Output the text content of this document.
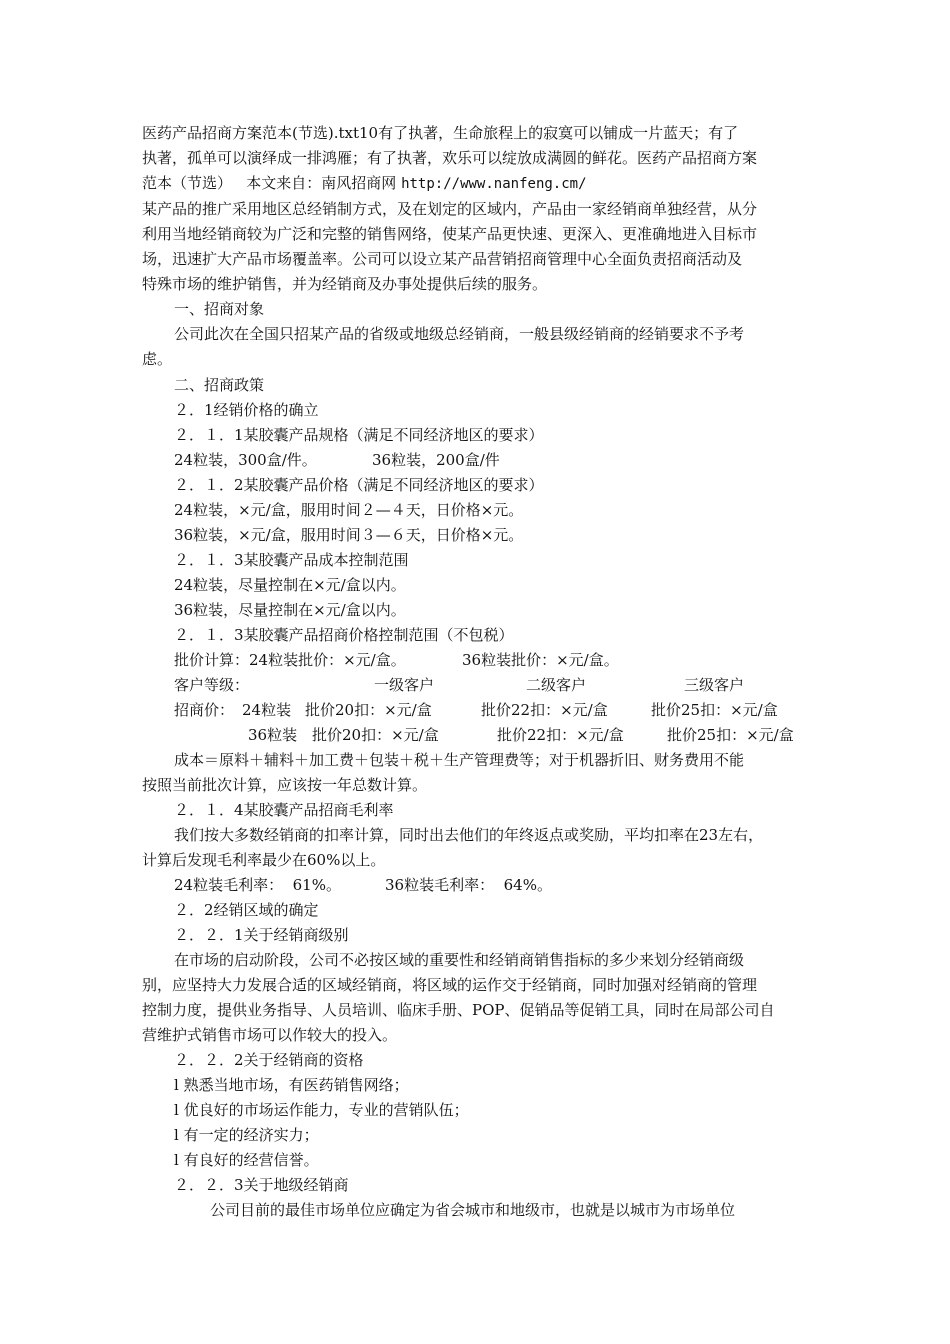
医药产品招商方案范本(节选).txt10有了执著，生命旅程上的寂寞可以铺成一片蓝天；有了
执著，孤单可以演绎成一排鸿雁；有了执著，欢乐可以绽放成满圆的鲜花。医药产品招商方案
范本（节选）   本文来自：南风招商网 http://www.nanfeng.cm/
某产品的推广采用地区总经销制方式，及在划定的区域内，产品由一家经销商单独经营，从分
利用当地经销商较为广泛和完整的销售网络，使某产品更快速、更深入、更准确地进入目标市
场，迅速扩大产品市场覆盖率。公司可以设立某产品营销招商管理中心全面负责招商活动及
特殊市场的维护销售，并为经销商及办事处提供后续的服务。
一、招商对象
公司此次在全国只招某产品的省级或地级总经销商，一般县级经销商的经销要求不予考
虑。
二、招商政策
２．1经销价格的确立
２．１．1某胶囊产品规格（满足不同经济地区的要求）
24粒装，300盒/件。	36粒装，200盒/件
２．１．2某胶囊产品价格（满足不同经济地区的要求）
24粒装，×元/盒，服用时间２—４天，日价格×元。
36粒装，×元/盒，服用时间３—６天，日价格×元。
２．１．3某胶囊产品成本控制范围
24粒装，尽量控制在×元/盒以内。
36粒装，尽量控制在×元/盒以内。
２．１．3某胶囊产品招商价格控制范围（不包税）
批价计算：24粒装批价：×元/盒。	36粒装批价：×元/盒。
客户等级：	一级客户	二级客户	三级客户
招商价： 24粒装 批价20扣：×元/盒	批价22扣：×元/盒	批价25扣：×元/盒
36粒装 批价20扣：×元/盒	批价22扣：×元/盒	批价25扣：×元/盒
成本＝原料＋辅料＋加工费＋包装＋税＋生产管理费等；对于机器折旧、财务费用不能
按照当前批次计算，应该按一年总数计算。
２．１．4某胶囊产品招商毛利率
我们按大多数经销商的扣率计算，同时出去他们的年终返点或奖励，平均扣率在23左右，
计算后发现毛利率最少在60%以上。
24粒装毛利率：  61%。	36粒装毛利率：  64%。
２．2经销区域的确定
２．２．1关于经销商级别
在市场的启动阶段，公司不必按区域的重要性和经销商销售指标的多少来划分经销商级
别，应坚持大力发展合适的区域经销商，将区域的运作交于经销商，同时加强对经销商的管理
控制力度，提供业务指导、人员培训、临床手册、POP、促销品等促销工具，同时在局部公司自
营维护式销售市场可以作较大的投入。
２．２．2关于经销商的资格
l 熟悉当地市场，有医药销售网络；
l 优良好的市场运作能力，专业的营销队伍；
l 有一定的经济实力；
l 有良好的经营信誉。
２．２．3关于地级经销商
公司目前的最佳市场单位应确定为省会城市和地级市，也就是以城市为市场单位
